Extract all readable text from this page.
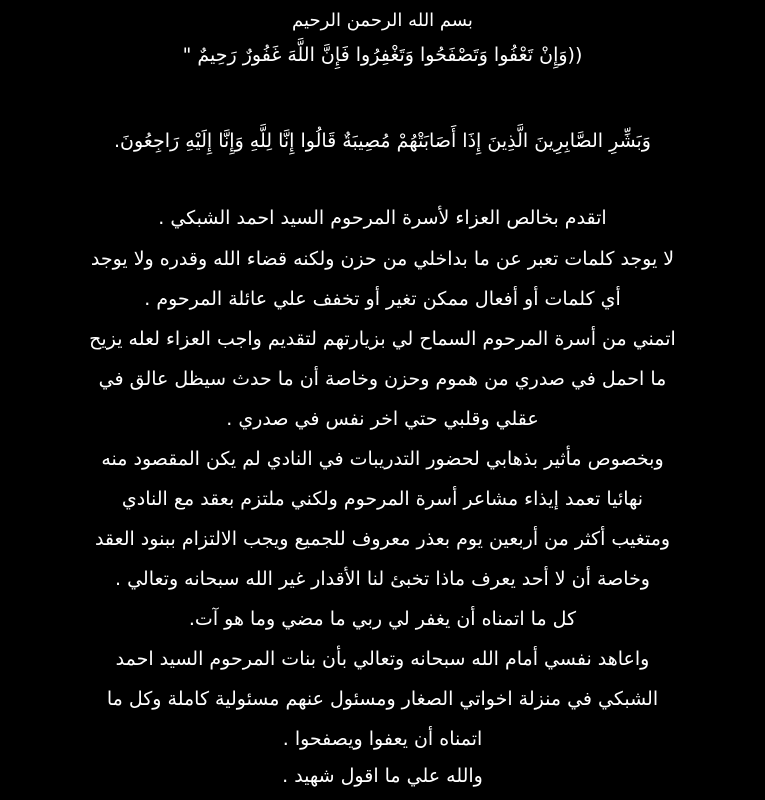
بسم الله الرحمن الرحيم
((وَإِنْ تَعْفُوا وَتَصْفَحُوا وَتَغْفِرُوا فَإِنَّ اللَّهَ غَفُورٌ رَحِيمٌ "
وَبَشِّرِ الصَّابِرِينَ الَّذِينَ إِذَا أَصَابَتْهُمْ مُصِيبَةٌ قَالُوا إِنَّا لِلَّهِ وَإِنَّا إِلَيْهِ رَاجِعُونَ.
اتقدم بخالص العزاء لأسرة المرحوم السيد احمد الشبكي .
لا يوجد كلمات تعبر عن ما بداخلي من حزن ولكنه قضاء الله وقدره ولا يوجد
أي كلمات أو أفعال ممكن تغير أو تخفف علي عائلة المرحوم .
اتمني من أسرة المرحوم السماح لي بزيارتهم لتقديم واجب العزاء لعله يزيح
ما احمل في صدري من هموم وحزن وخاصة أن ما حدث سيظل عالق في
عقلي وقلبي حتي اخر نفس في صدري .
وبخصوص مأثير بذهابي لحضور التدريبات في النادي لم يكن المقصود منه
نهائيا تعمد إيذاء مشاعر أسرة المرحوم ولكني ملتزم بعقد مع النادي
ومتغيب أكثر من أربعين يوم بعذر معروف للجميع ويجب الالتزام ببنود العقد
وخاصة أن لا أحد يعرف ماذا تخبئ لنا الأقدار غير الله سبحانه وتعالي .
كل ما اتمناه أن يغفر لي ربي ما مضي وما هو آت.
واعاهد نفسي أمام الله سبحانه وتعالي بأن بنات المرحوم السيد احمد
الشبكي في منزلة اخواتي الصغار ومسئول عنهم مسئولية كاملة وكل ما
اتمناه أن يعفوا ويصفحوا .
والله علي ما اقول شهيد .
